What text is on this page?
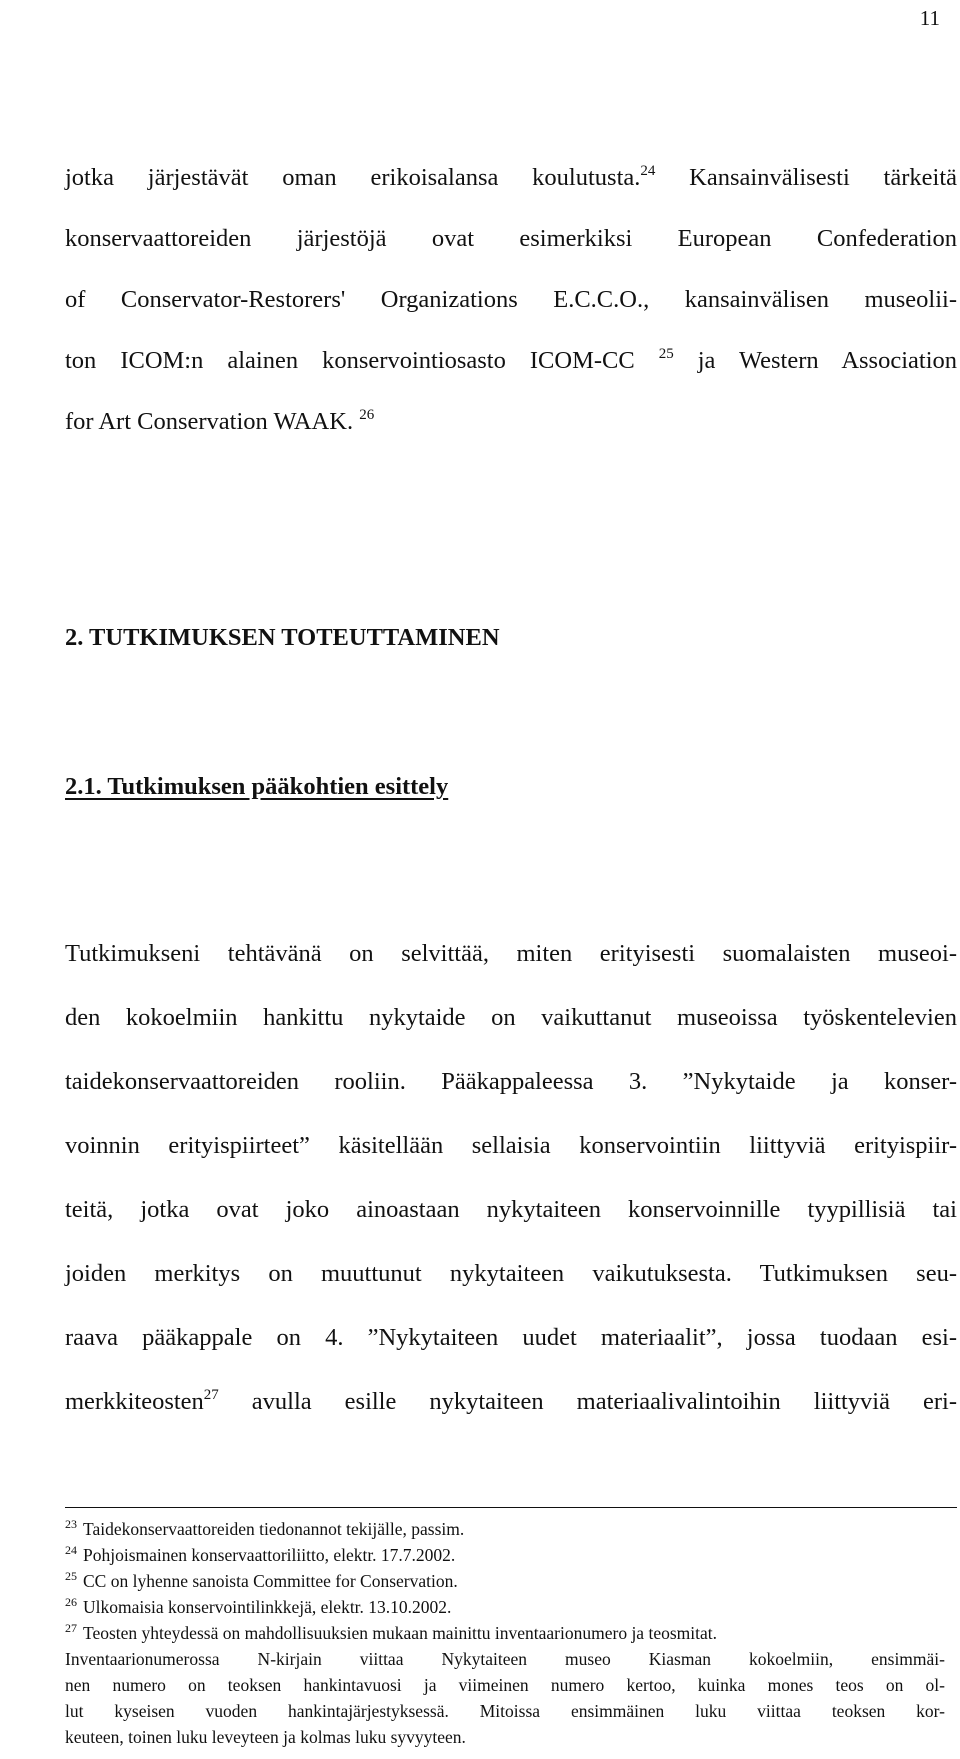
11

jotka järjestävät oman erikoisalansa koulutusta.$^{24}$ Kansainvälisesti tärkeitä
konservaattoreiden järjestöjä ovat esimerkiksi European Confederation
of Conservator-Restorers' Organizations E.C.C.O., kansainvälisen museolii-
ton ICOM:n alainen konservointiosasto ICOM-CC $^{25}$ ja Western Association
for Art Conservation WAAK. $^{26}$

2. TUTKIMUKSEN TOTEUTTAMINEN
2.1. Tutkimuksen pääkohtien esittely

Tutkimukseni tehtävänä on selvittää, miten erityisesti suomalaisten museoi-
den kokoelmiin hankittu nykytaide on vaikuttanut museoissa työskentelevien
taidekonservaattoreiden rooliin. Pääkappaleessa 3. ”Nykytaide ja konser-
voinnin erityispiirteet” käsitellään sellaisia konservointiin liittyviä erityispiir-
teitä, jotka ovat joko ainoastaan nykytaiteen konservoinnille tyypillisiä tai
joiden merkitys on muuttunut nykytaiteen vaikutuksesta. Tutkimuksen seu-
raava pääkappale on 4. ”Nykytaiteen uudet materiaalit”, jossa tuodaan esi-
merkkiteosten$^{27}$ avulla esille nykytaiteen materiaalivalintoihin liittyviä eri-

$^{23}$ Taidekonservaattoreiden tiedonannot tekijälle, passim.
$^{24}$ Pohjoismainen konservaattoriliitto, elektr. 17.7.2002.
$^{25}$ CC on lyhenne sanoista Committee for Conservation.
$^{26}$ Ulkomaisia konservointilinkkejä, elektr. 13.10.2002.
$^{27}$ Teosten yhteydessä on mahdollisuuksien mukaan mainittu inventaarionumero ja teosmitat.
Inventaarionumerossa N-kirjain viittaa Nykytaiteen museo Kiasman kokoelmiin, ensimmäi-
nen numero on teoksen hankintavuosi ja viimeinen numero kertoo, kuinka mones teos on ol-
lut kyseisen vuoden hankintajärjestyksessä. Mitoissa ensimmäinen luku viittaa teoksen kor-
keuteen, toinen luku leveyteen ja kolmas luku syvyyteen.
